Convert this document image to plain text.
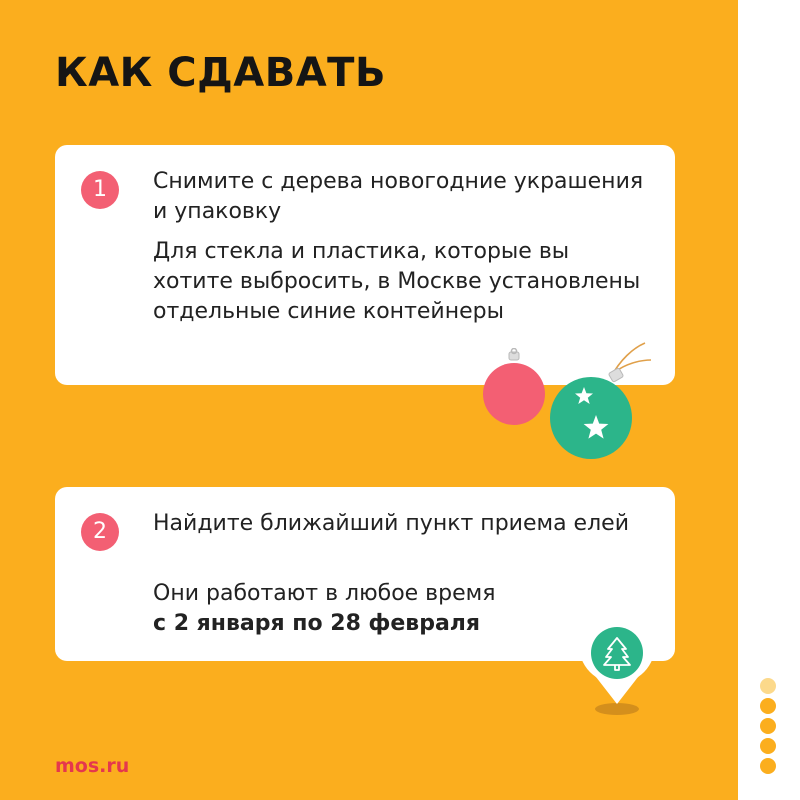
КАК СДАВАТЬ
1	Снимите с дерева новогодние украшения и упаковку

Для стекла и пластика, которые вы хотите выбросить, в Москве установлены отдельные синие контейнеры

2	Найдите ближайший пункт приема елей

Они работают в любое время

с 2 января по 28 февраля

mos.ru
